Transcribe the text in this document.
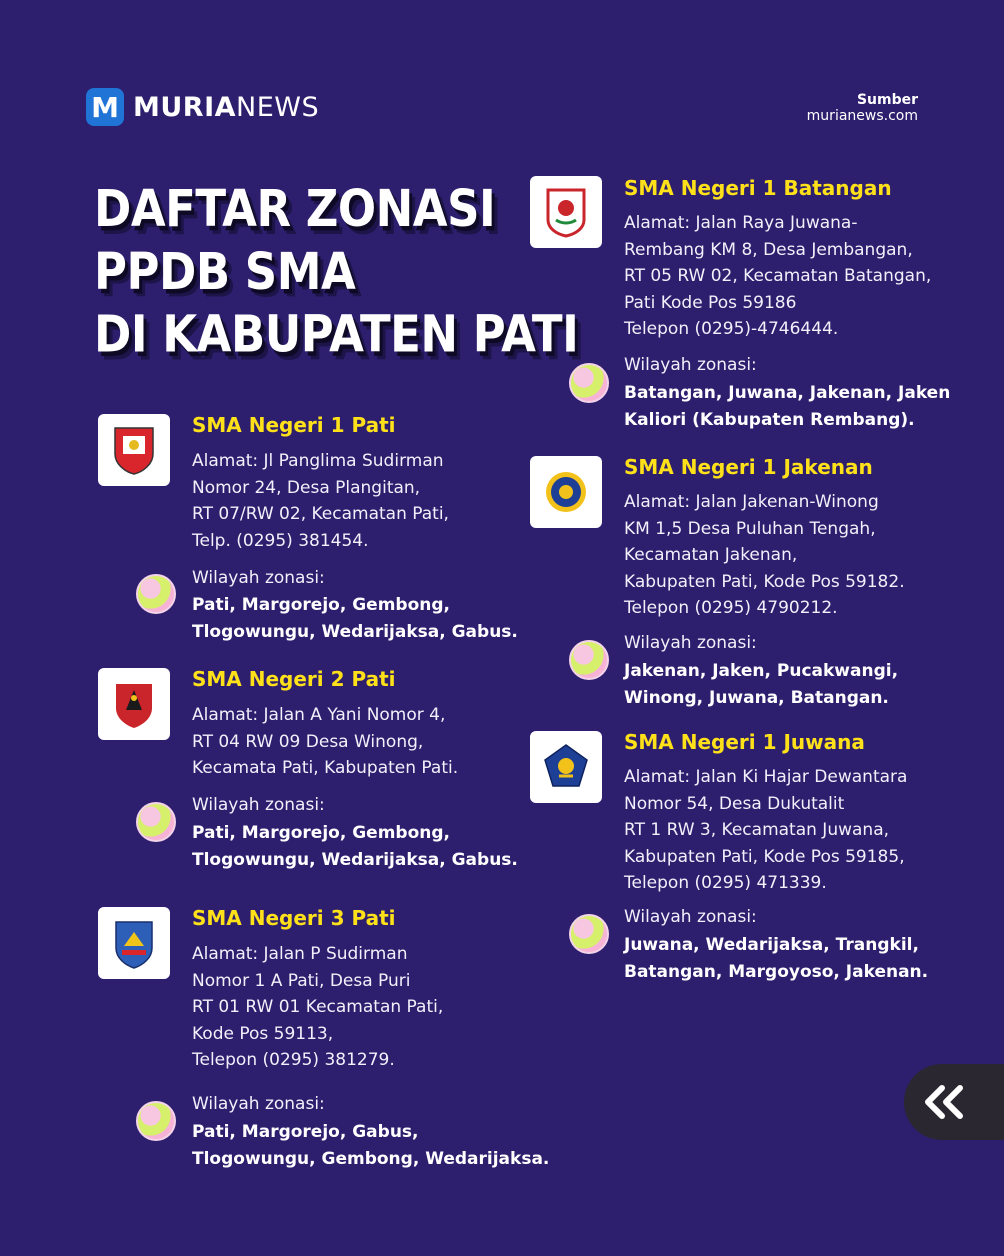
M MURIANEWS	Sumber
murianews.com
DAFTAR ZONASI
PPDB SMA
DI KABUPATEN PATI
SMA Negeri 1 Pati
Alamat: Jl Panglima Sudirman
Nomor 24, Desa Plangitan,
RT 07/RW 02, Kecamatan Pati,
Telp. (0295) 381454.
Wilayah zonasi:
Pati, Margorejo, Gembong,
Tlogowungu, Wedarijaksa, Gabus.
SMA Negeri 2 Pati
Alamat: Jalan A Yani Nomor 4,
RT 04 RW 09 Desa Winong,
Kecamata Pati, Kabupaten Pati.
Wilayah zonasi:
Pati, Margorejo, Gembong,
Tlogowungu, Wedarijaksa, Gabus.
SMA Negeri 3 Pati
Alamat: Jalan P Sudirman
Nomor 1 A Pati, Desa Puri
RT 01 RW 01 Kecamatan Pati,
Kode Pos 59113,
Telepon (0295) 381279.
Wilayah zonasi:
Pati, Margorejo, Gabus,
Tlogowungu, Gembong, Wedarijaksa.
SMA Negeri 1 Batangan
Alamat: Jalan Raya Juwana-
Rembang KM 8, Desa Jembangan,
RT 05 RW 02, Kecamatan Batangan,
Pati Kode Pos 59186
Telepon (0295)-4746444.
Wilayah zonasi:
Batangan, Juwana, Jakenan, Jaken
Kaliori (Kabupaten Rembang).
SMA Negeri 1 Jakenan
Alamat: Jalan Jakenan-Winong
KM 1,5 Desa Puluhan Tengah,
Kecamatan Jakenan,
Kabupaten Pati, Kode Pos 59182.
Telepon (0295) 4790212.
Wilayah zonasi:
Jakenan, Jaken, Pucakwangi,
Winong, Juwana, Batangan.
SMA Negeri 1 Juwana
Alamat: Jalan Ki Hajar Dewantara
Nomor 54, Desa Dukutalit
RT 1 RW 3, Kecamatan Juwana,
Kabupaten Pati, Kode Pos 59185,
Telepon (0295) 471339.
Wilayah zonasi:
Juwana, Wedarijaksa, Trangkil,
Batangan, Margoyoso, Jakenan.
